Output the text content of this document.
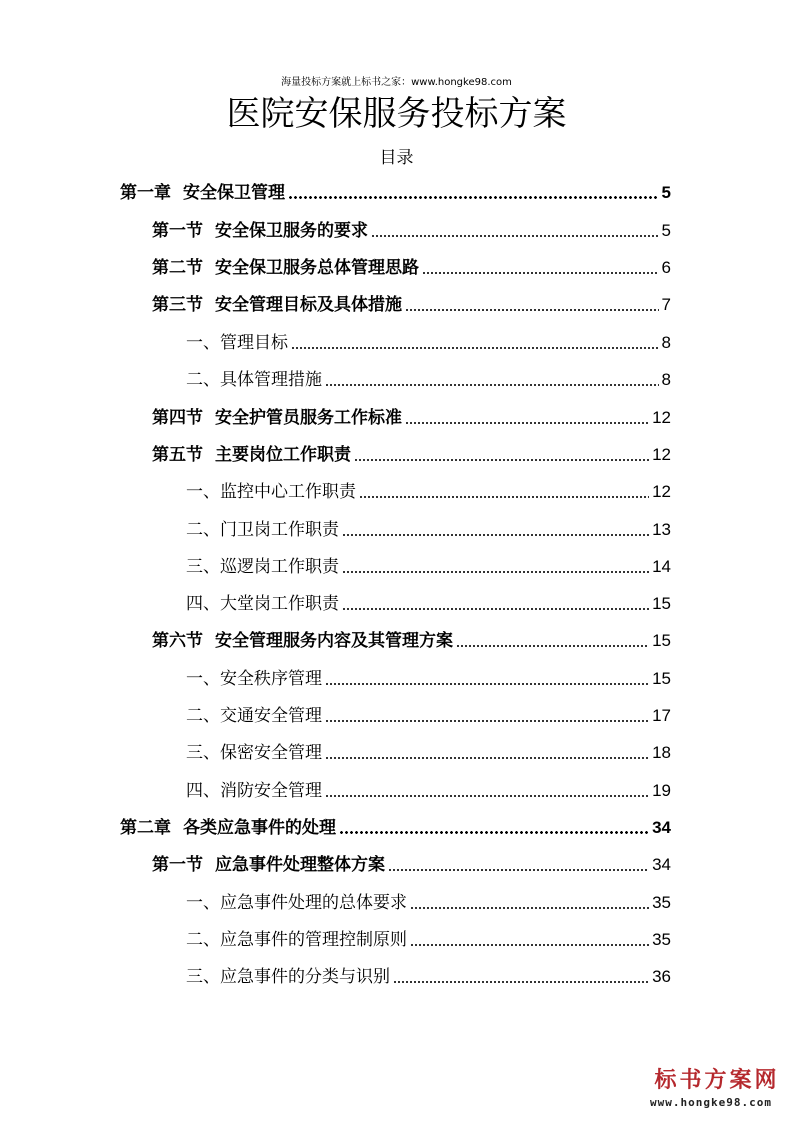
海量投标方案就上标书之家：www.hongke98.com
医院安保服务投标方案
目录
第一章 安全保卫管理	5
第一节 安全保卫服务的要求	5
第二节 安全保卫服务总体管理思路	6
第三节 安全管理目标及具体措施	7
一、管理目标	8
二、具体管理措施	8
第四节 安全护管员服务工作标准	12
第五节 主要岗位工作职责	12
一、监控中心工作职责	12
二、门卫岗工作职责	13
三、巡逻岗工作职责	14
四、大堂岗工作职责	15
第六节 安全管理服务内容及其管理方案	15
一、安全秩序管理	15
二、交通安全管理	17
三、保密安全管理	18
四、消防安全管理	19
第二章 各类应急事件的处理	34
第一节 应急事件处理整体方案	34
一、应急事件处理的总体要求	35
二、应急事件的管理控制原则	35
三、应急事件的分类与识别	36
标书方案网
www.hongke98.com
